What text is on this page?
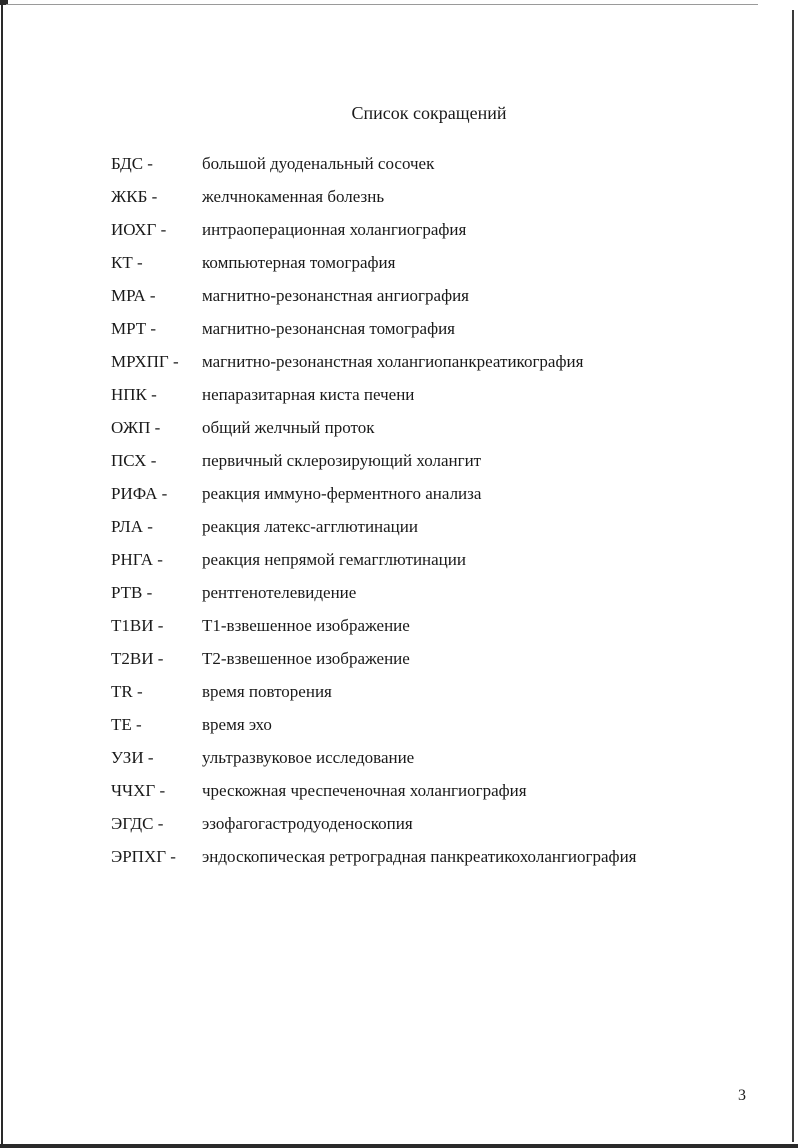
Список сокращений
БДС -	большой дуоденальный сосочек
ЖКБ -	желчнокаменная болезнь
ИОХГ -	интраоперационная холангиография
КТ -	компьютерная томография
МРА -	магнитно-резонанстная ангиография
МРТ -	магнитно-резонансная томография
МРХПГ -	магнитно-резонанстная холангиопанкреатикография
НПК -	непаразитарная киста печени
ОЖП -	общий желчный проток
ПСХ -	первичный склерозирующий холангит
РИФА -	реакция иммуно-ферментного анализа
РЛА -	реакция латекс-агглютинации
РНГА -	реакция непрямой гемагглютинации
РТВ -	рентгенотелевидение
Т1ВИ -	Т1-взвешенное изображение
Т2ВИ -	Т2-взвешенное изображение
TR -	время повторения
ТЕ -	время эхо
УЗИ -	ультразвуковое исследование
ЧЧХГ -	чрескожная чреспеченочная холангиография
ЭГДС -	эзофагогастродуоденоскопия
ЭРПХГ -	эндоскопическая ретроградная панкреатикохолангиография
3
